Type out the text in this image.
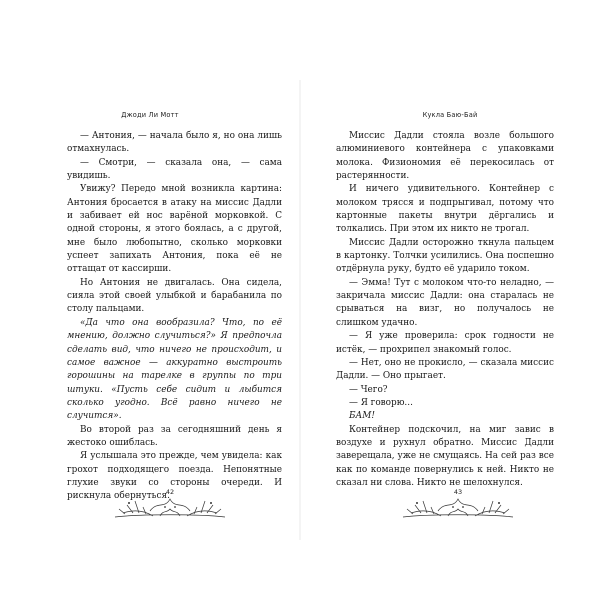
Джоди Ли Мотт

— Антония, — начала было я, но она лишь отмахнулась.

— Смотри, — сказала она, — сама увидишь.

Увижу? Передо мной возникла картина: Антония бросается в атаку на миссис Дадли и забивает ей нос варёной морковкой. С одной стороны, я этого боялась, а с другой, мне было любопытно, сколько морковки успеет запихать Антония, пока её не оттащат от кассирши.

Но Антония не двигалась. Она сидела, сияла этой своей улыбкой и барабанила по столу пальцами.

«Да что она вообразила? Что, по её мнению, должно случиться?» Я предпочла сделать вид, что ничего не происходит, и самое важное — аккуратно выстроить горошины на тарелке в группы по три штуки. «Пусть себе сидит и лыбится сколько угодно. Всё равно ничего не случится».

Во второй раз за сегодняшний день я жестоко ошиблась.

Я услышала это прежде, чем увидела: как грохот подходящего поезда. Непонятные глухие звуки со стороны очереди. И рискнула обернуться.

42
Кукла Баю-Бай

Миссис Дадли стояла возле большого алюминиевого контейнера с упаковками молока. Физиономия её перекосилась от растерянности.

И ничего удивительного. Контейнер с молоком трясся и подпрыгивал, потому что картонные пакеты внутри дёргались и толкались. При этом их никто не трогал.

Миссис Дадли осторожно ткнула пальцем в картонку. Толчки усилились. Она поспешно отдёрнула руку, будто её ударило током.

— Эмма! Тут с молоком что-то неладно, — закричала миссис Дадли: она старалась не срываться на визг, но получалось не слишком удачно.

— Я уже проверила: срок годности не истёк, — прохрипел знакомый голос.

— Нет, оно не прокисло, — сказала миссис Дадли. — Оно прыгает.

— Чего?

— Я говорю...

БАМ!

Контейнер подскочил, на миг завис в воздухе и рухнул обратно. Миссис Дадли заверещала, уже не смущаясь. На сей раз все как по команде повернулись к ней. Никто не сказал ни слова. Никто не шелохнулся.

43
